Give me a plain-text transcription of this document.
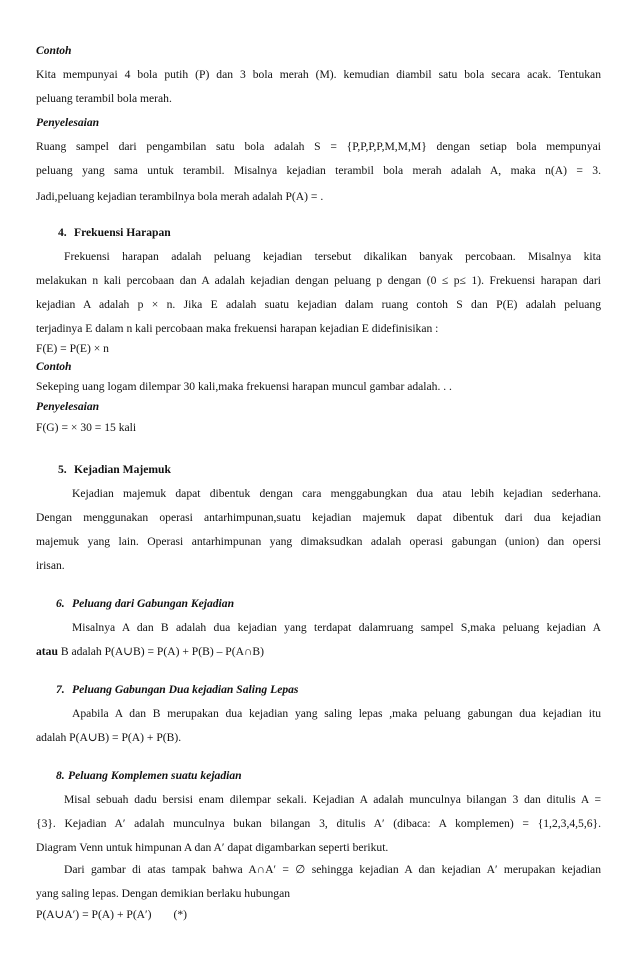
Contoh
Kita mempunyai 4 bola putih (P) dan 3 bola merah (M). kemudian diambil satu bola secara acak. Tentukan
peluang terambil bola merah.
Penyelesaian
Ruang sampel dari pengambilan satu bola adalah S = {P,P,P,P,M,M,M} dengan setiap bola mempunyai
peluang yang sama untuk terambil. Misalnya kejadian terambil bola merah adalah A, maka n(A) = 3.
Jadi,peluang kejadian terambilnya bola merah adalah P(A) = .
4. Frekuensi Harapan
Frekuensi harapan adalah peluang kejadian tersebut dikalikan banyak percobaan. Misalnya kita
melakukan n kali percobaan dan A adalah kejadian dengan peluang p dengan (0 ≤ p≤ 1). Frekuensi harapan dari
kejadian A adalah p × n. Jika E adalah suatu kejadian dalam ruang contoh S dan P(E) adalah peluang
terjadinya E dalam n kali percobaan maka frekuensi harapan kejadian E didefinisikan :
F(E) = P(E) × n
Contoh
Sekeping uang logam dilempar 30 kali,maka frekuensi harapan muncul gambar adalah. . .
Penyelesaian
F(G) = × 30 = 15 kali
5. Kejadian Majemuk
Kejadian majemuk dapat dibentuk dengan cara menggabungkan dua atau lebih kejadian sederhana.
Dengan menggunakan operasi antarhimpunan,suatu kejadian majemuk dapat dibentuk dari dua kejadian
majemuk yang lain. Operasi antarhimpunan yang dimaksudkan adalah operasi gabungan (union) dan opersi
irisan.
6. Peluang dari Gabungan Kejadian
Misalnya A dan B adalah dua kejadian yang terdapat dalamruang sampel S,maka peluang kejadian A
atau B adalah P(A∪B) = P(A) + P(B) – P(A∩B)
7. Peluang Gabungan Dua kejadian Saling Lepas
Apabila A dan B merupakan dua kejadian yang saling lepas ,maka peluang gabungan dua kejadian itu
adalah P(A∪B) = P(A) + P(B).
8. Peluang Komplemen suatu kejadian
Misal sebuah dadu bersisi enam dilempar sekali. Kejadian A adalah munculnya bilangan 3 dan ditulis A =
{3}. Kejadian A′ adalah munculnya bukan bilangan 3, ditulis A′ (dibaca: A komplemen) = {1,2,3,4,5,6}.
Diagram Venn untuk himpunan A dan A′ dapat digambarkan seperti berikut.
Dari gambar di atas tampak bahwa A∩A′ = ∅ sehingga kejadian A dan kejadian A′ merupakan kejadian
yang saling lepas. Dengan demikian berlaku hubungan
P(A∪A′) = P(A) + P(A′) (*)
